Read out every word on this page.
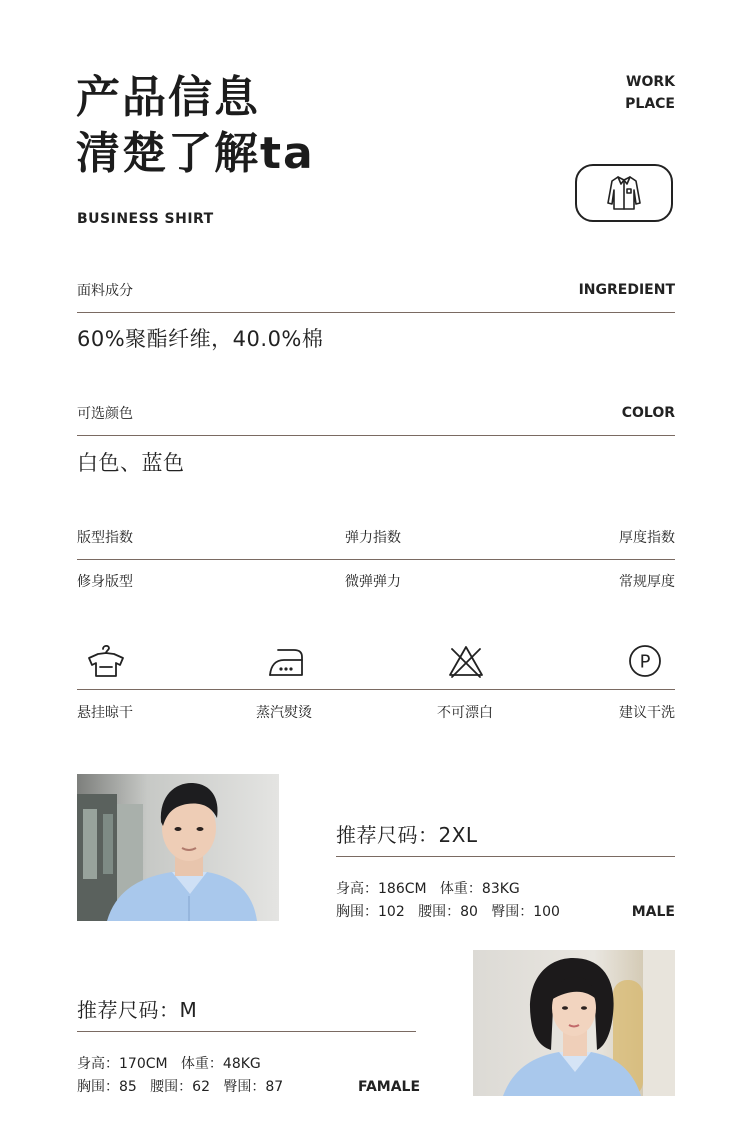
产品信息
清楚了解ta
BUSINESS SHIRT
WORK
PLACE
面料成分	INGREDIENT
60%聚酯纤维，40.0%棉
可选颜色	COLOR
白色、蓝色
版型指数	弹力指数	厚度指数
修身版型	微弹弹力	常规厚度
P
悬挂晾干	蒸汽熨烫	不可漂白	建议干洗
推荐尺码：2XL
身高：186CM   体重：83KG
胸围：102   腰围：80   臀围：100	MALE
推荐尺码：M
身高：170CM   体重：48KG
胸围：85   腰围：62   臀围：87	FAMALE
